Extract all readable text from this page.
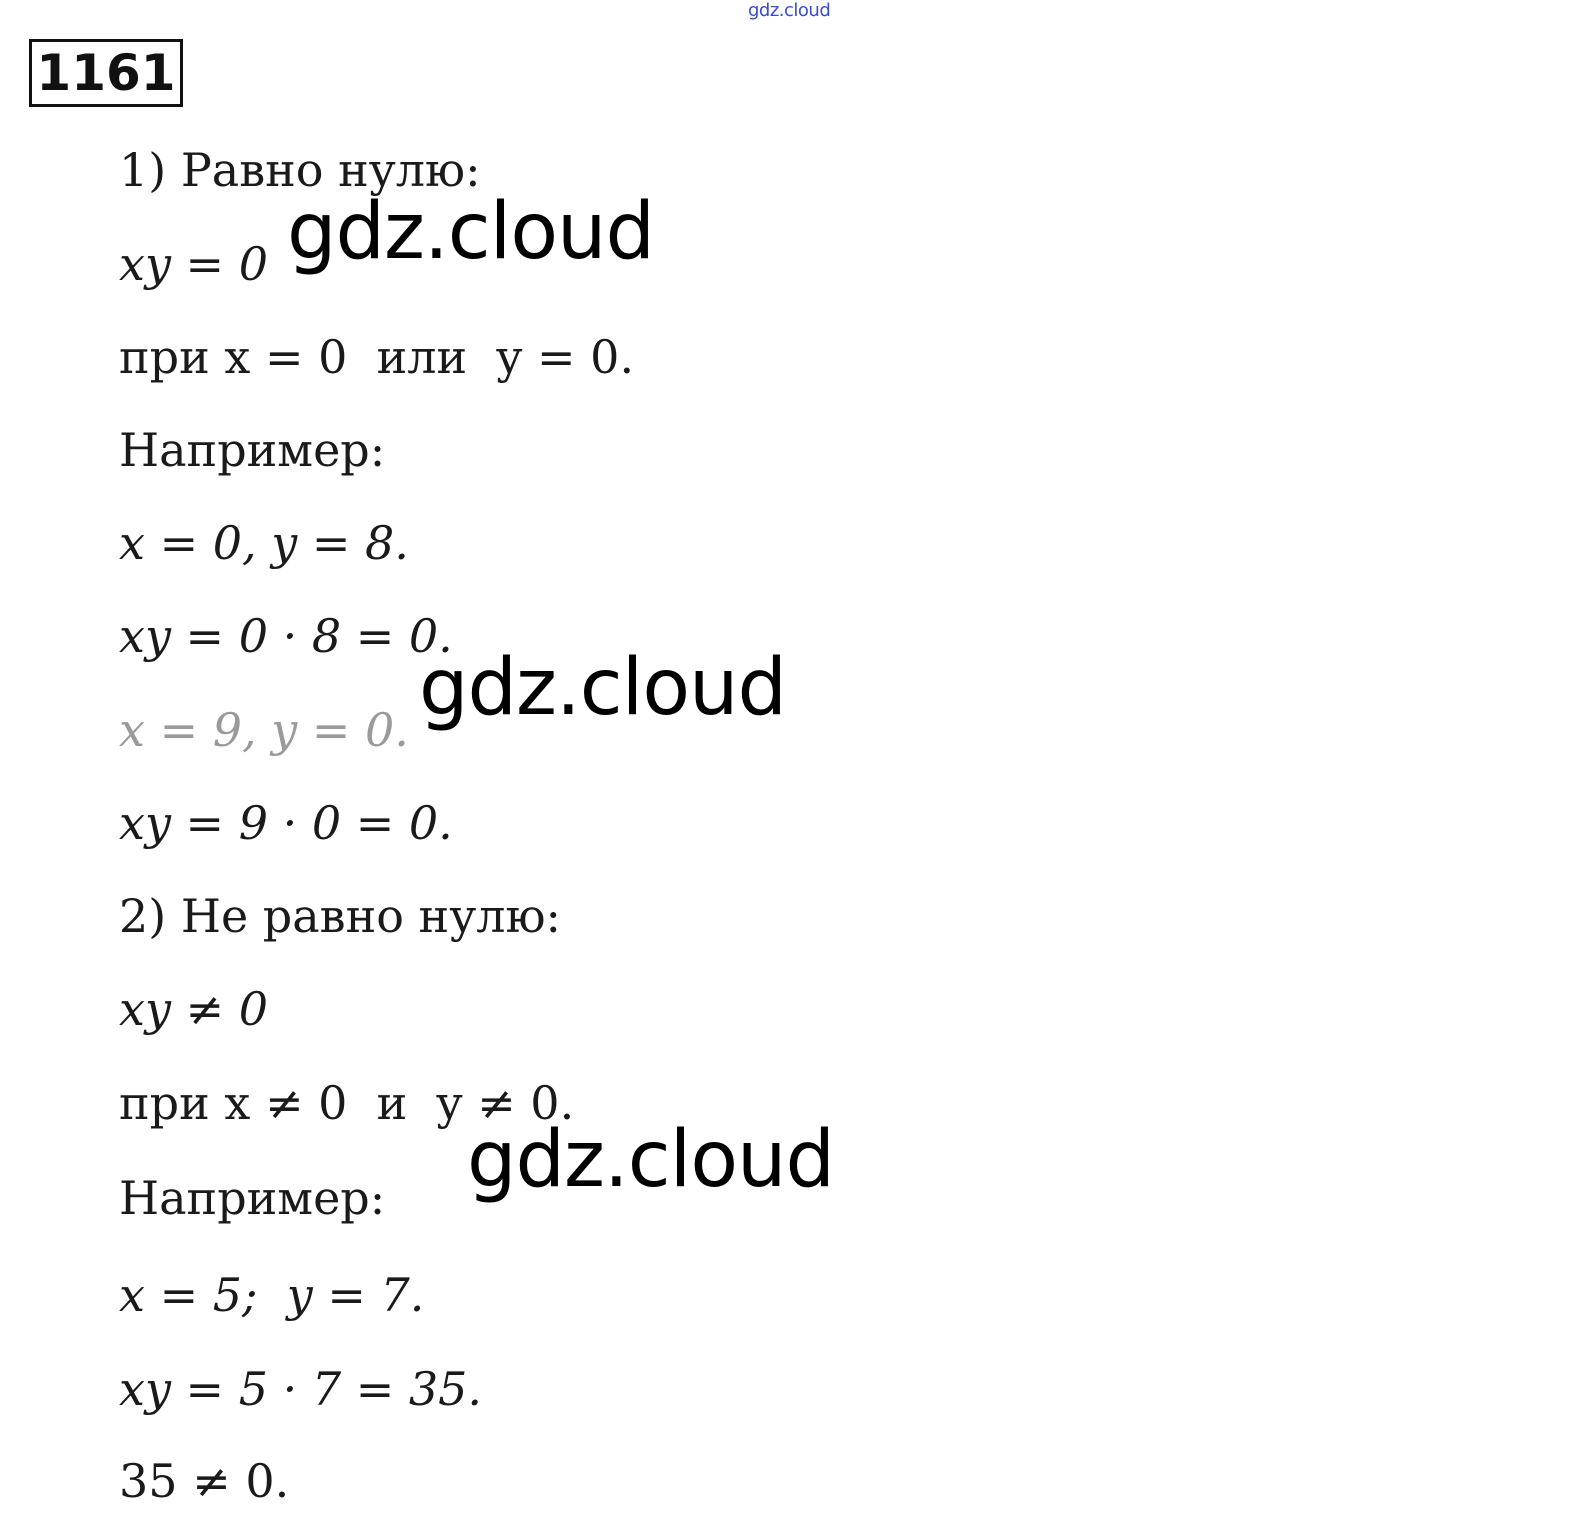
gdz.cloud
1161
1) Равно нулю:
xy = 0
при x = 0  или  y = 0.
Например:
x = 0, y = 8.
xy = 0 · 8 = 0.
x = 9, y = 0.
xy = 9 · 0 = 0.
2) Не равно нулю:
xy ≠ 0
при x ≠ 0  и  y ≠ 0.
Например:
x = 5;  y = 7.
xy = 5 · 7 = 35.
35 ≠ 0.
gdz.cloud
gdz.cloud
gdz.cloud
